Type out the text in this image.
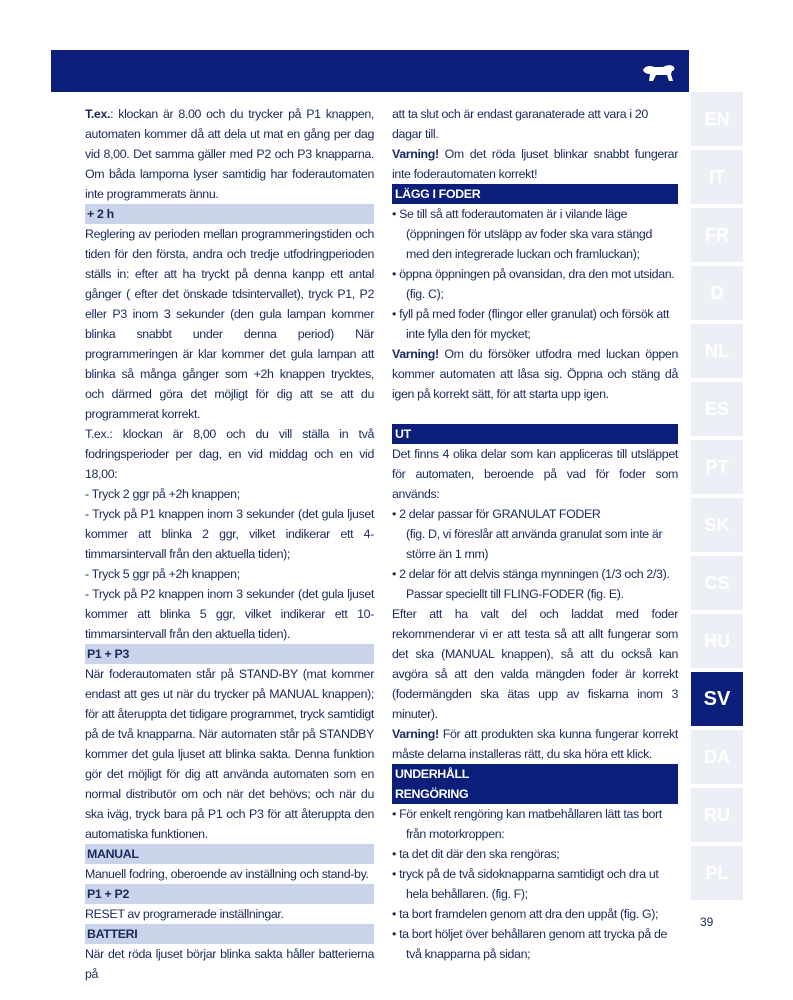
T.ex.: klockan är 8.00 och du trycker på P1 knappen, automaten kommer då att dela ut mat en gång per dag vid 8,00. Det samma gäller med P2 och P3 knapparna. Om båda lamporna lyser samtidig har foderautomaten inte programmerats ännu.

+ 2 h

Reglering av perioden mellan programmeringstiden och tiden för den första, andra och tredje utfodringperioden ställs in: efter att ha tryckt på denna kanpp ett antal gånger ( efter det önskade tdsintervallet), tryck P1, P2 eller P3 inom 3 sekunder (den gula lampan kommer blinka snabbt under denna period) När programmeringen är klar kommer det gula lampan att blinka så många gånger som +2h knappen trycktes, och därmed göra det möjligt för dig att se att du programmerat korrekt.

T.ex.: klockan är 8,00 och du vill ställa in två fodringsperioder per dag, en vid middag och en vid 18,00:

- Tryck 2 ggr på +2h knappen;

- Tryck på P1 knappen inom 3 sekunder (det gula ljuset kommer att blinka 2 ggr, vilket indikerar ett 4-timmarsintervall från den aktuella tiden);

- Tryck 5 ggr på +2h knappen;

- Tryck på P2 knappen inom 3 sekunder (det gula ljuset kommer att blinka 5 ggr, vilket indikerar ett 10-timmarsintervall från den aktuella tiden).

P1 + P3

När foderautomaten står på STAND-BY (mat kommer endast att ges ut när du trycker på MANUAL knappen); för att återuppta det tidigare programmet, tryck samtidigt på de två knapparna. När automaten står på STANDBY kommer det gula ljuset att blinka sakta. Denna funktion gör det möjligt för dig att använda automaten som en normal distributör om och när det behövs; och när du ska iväg, tryck bara på P1 och P3 för att återuppta den automatiska funktionen.

MANUAL

Manuell fodring, oberoende av inställning och stand-by.

P1 + P2

RESET av programerade inställningar.

BATTERI

När det röda ljuset börjar blinka sakta håller batterierna på

att ta slut och är endast garanaterade att vara i 20 dagar till.

Varning! Om det röda ljuset blinkar snabbt fungerar inte foderautomaten korrekt!

LÄGG I FODER

• Se till så att foderautomaten är i vilande läge (öppningen för utsläpp av foder ska vara stängd med den integrerade luckan och framluckan);

• öppna öppningen på ovansidan, dra den mot utsidan. (fig. C);

• fyll på med foder (flingor eller granulat) och försök att inte fylla den för mycket;

Varning! Om du försöker utfodra med luckan öppen kommer automaten att låsa sig. Öppna och stäng då igen på korrekt sätt, för att starta upp igen.

UT

Det finns 4 olika delar som kan appliceras till utsläppet för automaten, beroende på vad för foder som används:

• 2 delar passar för GRANULAT FODER

(fig. D, vi föreslår att använda granulat som inte är större än 1 mm)

• 2 delar för att delvis stänga mynningen (1/3 och 2/3).

Passar speciellt till FLING-FODER (fig. E).

Efter att ha valt del och laddat med foder rekommenderar vi er att testa så att allt fungerar som det ska (MANUAL knappen), så att du också kan avgöra så att den valda mängden foder är korrekt (fodermängden ska ätas upp av fiskarna inom 3 minuter).

Varning! För att produkten ska kunna fungerar korrekt måste delarna installeras rätt, du ska höra ett klick.

UNDERHÅLL

RENGÖRING

• För enkelt rengöring kan matbehållaren lätt tas bort från motorkroppen:

• ta det dit där den ska rengöras;

• tryck på de två sidoknapparna samtidigt och dra ut hela behållaren. (fig. F);

• ta bort framdelen genom att dra den uppåt (fig. G);

• ta bort höljet över behållaren genom att trycka på de två knapparna på sidan;

EN
IT
FR
D
NL
ES
PT
SK
CS
HU
SV
DA
RU
PL
39
